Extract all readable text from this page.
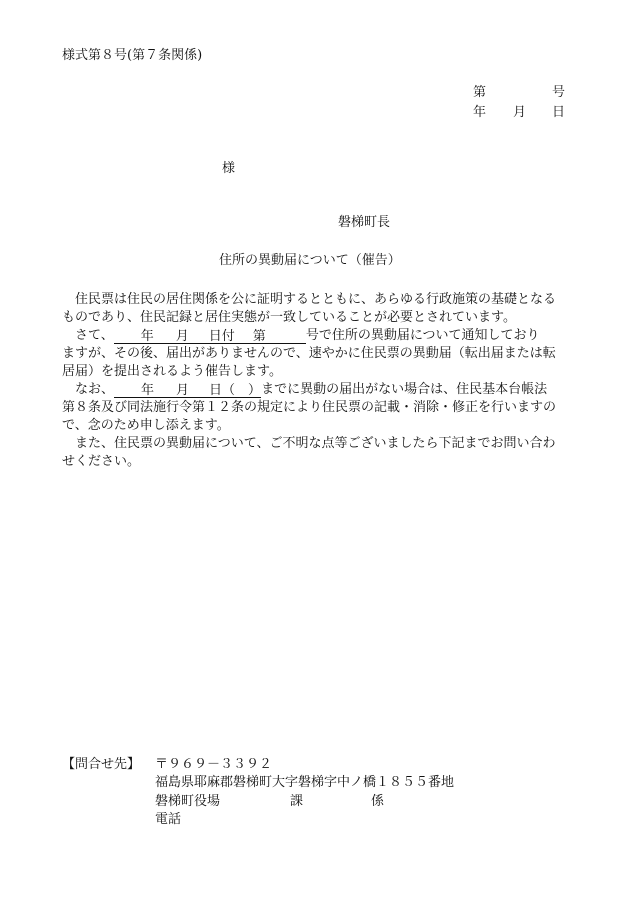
様式第８号(第７条関係)
第	号
年 月 日
様
磐梯町長
住所の異動届について（催告）
住民票は住民の居住関係を公に証明するとともに、あらゆる行政施策の基礎となる
ものであり、住民記録と居住実態が一致していることが必要とされています。
さて、 年 月 日付 第	号で住所の異動届について通知しており
ますが、その後、届出がありませんので、速やかに住民票の異動届（転出届または転
居届）を提出されるよう催告します。
なお、 年 月 日（　）までに異動の届出がない場合は、住民基本台帳法
第８条及び同法施行令第１２条の規定により住民票の記載・消除・修正を行いますの
で、念のため申し添えます。
また、住民票の異動届について、ご不明な点等ございましたら下記までお問い合わ
せください。
【問合せ先】 〒９６９－３３９２
福島県耶麻郡磐梯町大字磐梯字中ノ橋１８５５番地
磐梯町役場	課	係
電話
